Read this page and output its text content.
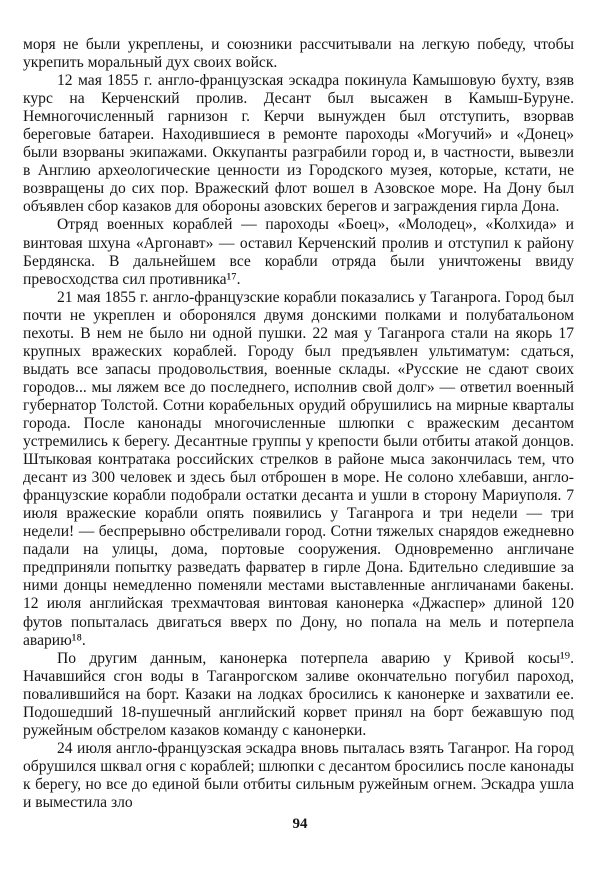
моря не были укреплены, и союзники рассчитывали на легкую победу, чтобы укрепить моральный дух своих войск.

12 мая 1855 г. англо-французская эскадра покинула Камышовую бухту, взяв курс на Керченский пролив. Десант был высажен в Камыш-Буруне. Немногочисленный гарнизон г. Керчи вынужден был отступить, взорвав береговые батареи. Находившиеся в ремонте пароходы «Могучий» и «Донец» были взорваны экипажами. Оккупанты разграбили город и, в частности, вывезли в Англию археологические ценности из Городского музея, которые, кстати, не возвращены до сих пор. Вражеский флот вошел в Азовское море. На Дону был объявлен сбор казаков для обороны азовских берегов и заграждения гирла Дона.

Отряд военных кораблей — пароходы «Боец», «Молодец», «Колхида» и винтовая шхуна «Аргонавт» — оставил Керченский пролив и отступил к району Бердянска. В дальнейшем все корабли отряда были уничтожены ввиду превосходства сил противника¹⁷.

21 мая 1855 г. англо-французские корабли показались у Таганрога. Город был почти не укреплен и оборонялся двумя донскими полками и полубатальоном пехоты. В нем не было ни одной пушки. 22 мая у Таганрога стали на якорь 17 крупных вражеских кораблей. Городу был предъявлен ультиматум: сдаться, выдать все запасы продовольствия, военные склады. «Русские не сдают своих городов... мы ляжем все до последнего, исполнив свой долг» — ответил военный губернатор Толстой. Сотни корабельных орудий обрушились на мирные кварталы города. После канонады многочисленные шлюпки с вражеским десантом устремились к берегу. Десантные группы у крепости были отбиты атакой донцов. Штыковая контратака российских стрелков в районе мыса закончилась тем, что десант из 300 человек и здесь был отброшен в море. Не солоно хлебавши, англо-французские корабли подобрали остатки десанта и ушли в сторону Мариуполя. 7 июля вражеские корабли опять появились у Таганрога и три недели — три недели! — беспрерывно обстреливали город. Сотни тяжелых снарядов ежедневно падали на улицы, дома, портовые сооружения. Одновременно англичане предприняли попытку разведать фарватер в гирле Дона. Бдительно следившие за ними донцы немедленно поменяли местами выставленные англичанами бакены. 12 июля английская трехмачтовая винтовая канонерка «Джаспер» длиной 120 футов попыталась двигаться вверх по Дону, но попала на мель и потерпела аварию¹⁸.

По другим данным, канонерка потерпела аварию у Кривой косы¹⁹. Начавшийся сгон воды в Таганрогском заливе окончательно погубил пароход, повалившийся на борт. Казаки на лодках бросились к канонерке и захватили ее. Подошедший 18-пушечный английский корвет принял на борт бежавшую под ружейным обстрелом казаков команду с канонерки.

24 июля англо-французская эскадра вновь пыталась взять Таганрог. На город обрушился шквал огня с кораблей; шлюпки с десантом бросились после канонады к берегу, но все до единой были отбиты сильным ружейным огнем. Эскадра ушла и выместила зло

94
